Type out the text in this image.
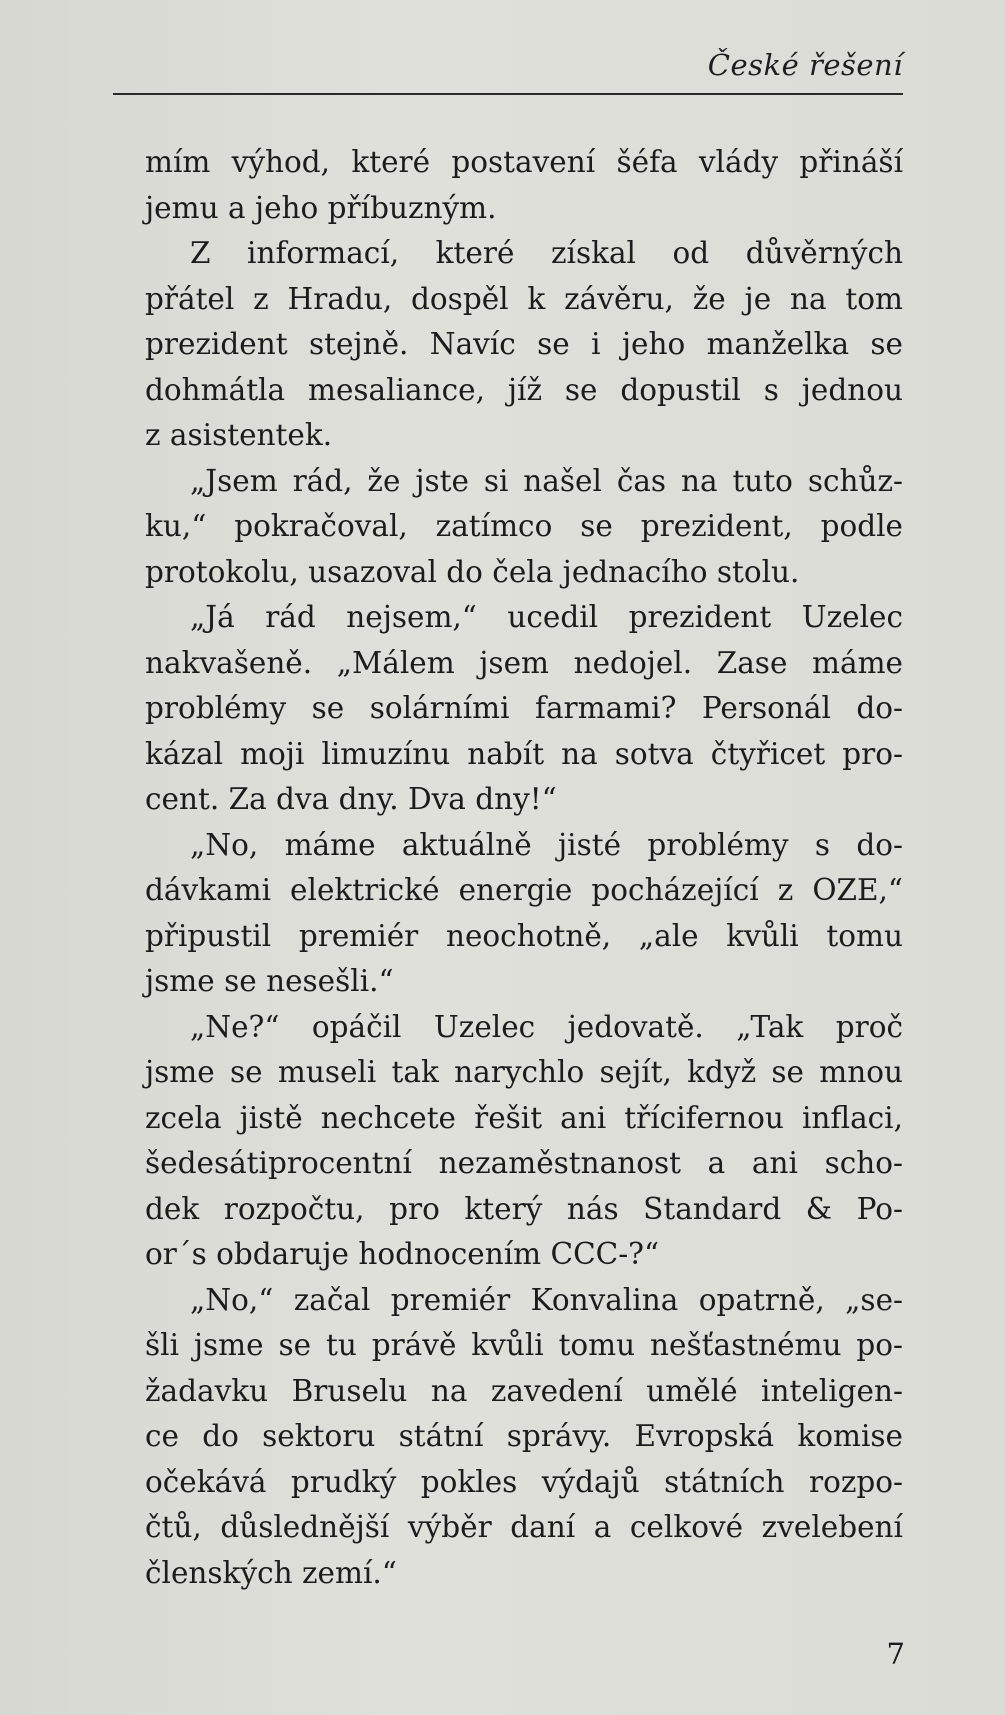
České řešení

mím výhod, které postavení šéfa vlády přináší
jemu a jeho příbuzným.

Z informací, které získal od důvěrných
přátel z Hradu, dospěl k závěru, že je na tom
prezident stejně. Navíc se i jeho manželka se
dohmátla mesaliance, jíž se dopustil s jednou
z asistentek.

„Jsem rád, že jste si našel čas na tuto schůz-
ku,“ pokračoval, zatímco se prezident, podle
protokolu, usazoval do čela jednacího stolu.

„Já rád nejsem,“ ucedil prezident Uzelec
nakvašeně. „Málem jsem nedojel. Zase máme
problémy se solárními farmami? Personál do-
kázal moji limuzínu nabít na sotva čtyřicet pro-
cent. Za dva dny. Dva dny!“

„No, máme aktuálně jisté problémy s do-
dávkami elektrické energie pocházející z OZE,“
připustil premiér neochotně, „ale kvůli tomu
jsme se nesešli.“

„Ne?“ opáčil Uzelec jedovatě. „Tak proč
jsme se museli tak narychlo sejít, když se mnou
zcela jistě nechcete řešit ani třícifernou inflaci,
šedesátiprocentní nezaměstnanost a ani scho-
dek rozpočtu, pro který nás Standard & Po-
or´s obdaruje hodnocením CCC-?“

„No,“ začal premiér Konvalina opatrně, „se-
šli jsme se tu právě kvůli tomu nešťastnému po-
žadavku Bruselu na zavedení umělé inteligen-
ce do sektoru státní správy. Evropská komise
očekává prudký pokles výdajů státních rozpo-
čtů, důslednější výběr daní a celkové zvelebení
členských zemí.“

7
